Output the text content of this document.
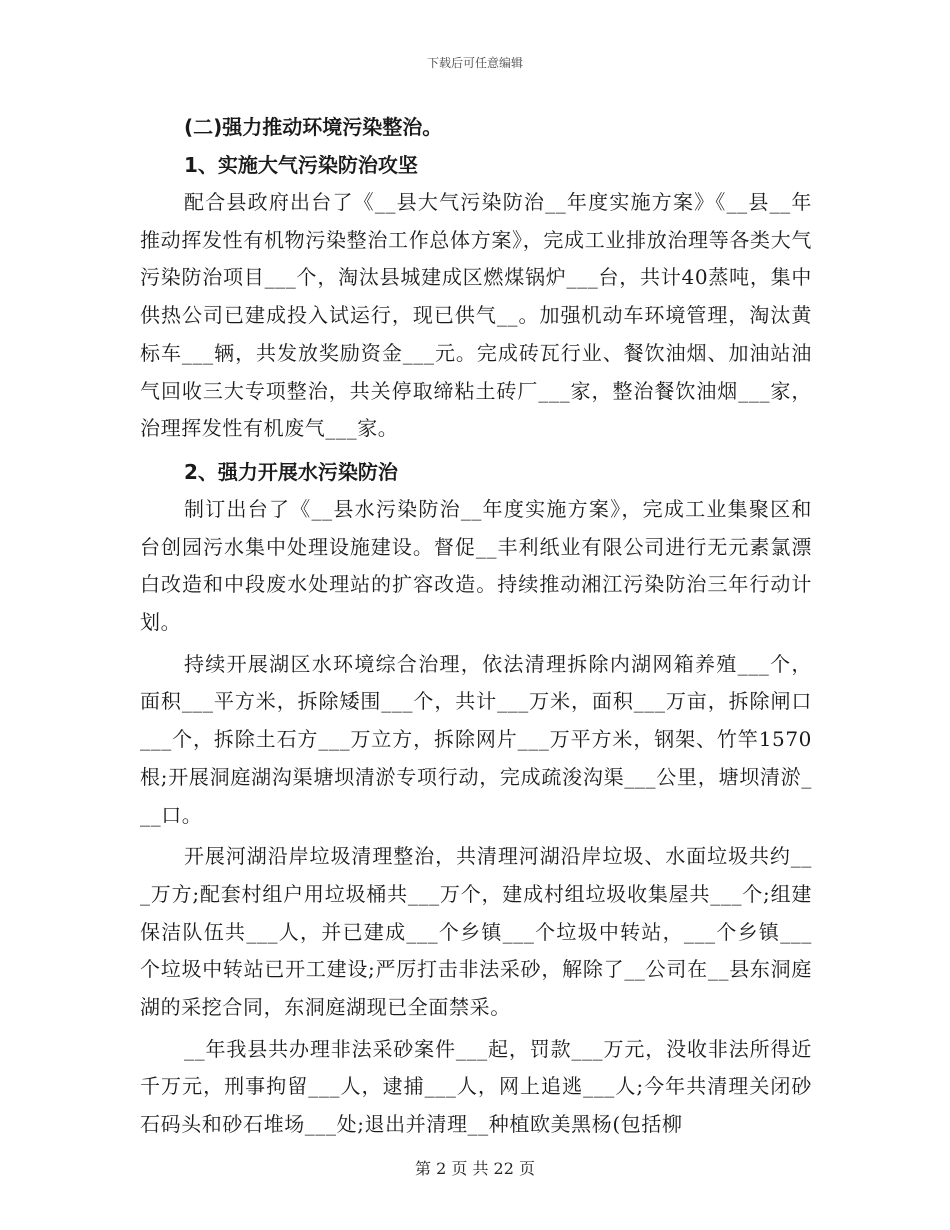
下载后可任意编辑

(二)强力推动环境污染整治。

1、实施大气污染防治攻坚

配合县政府出台了《__县大气污染防治__年度实施方案》《__县__年推动挥发性有机物污染整治工作总体方案》，完成工业排放治理等各类大气污染防治项目___个，淘汰县城建成区燃煤锅炉___台，共计40蒸吨，集中供热公司已建成投入试运行，现已供气__。加强机动车环境管理，淘汰黄标车___辆，共发放奖励资金___元。完成砖瓦行业、餐饮油烟、加油站油气回收三大专项整治，共关停取缔粘土砖厂___家，整治餐饮油烟___家，治理挥发性有机废气___家。

2、强力开展水污染防治

制订出台了《__县水污染防治__年度实施方案》，完成工业集聚区和台创园污水集中处理设施建设。督促__丰利纸业有限公司进行无元素氯漂白改造和中段废水处理站的扩容改造。持续推动湘江污染防治三年行动计划。

持续开展湖区水环境综合治理，依法清理拆除内湖网箱养殖___个，面积___平方米，拆除矮围___个，共计___万米，面积___万亩，拆除闸口___个，拆除土石方___万立方，拆除网片___万平方米，钢架、竹竿1570根;开展洞庭湖沟渠塘坝清淤专项行动，完成疏浚沟渠___公里，塘坝清淤___口。

开展河湖沿岸垃圾清理整治，共清理河湖沿岸垃圾、水面垃圾共约___万方;配套村组户用垃圾桶共___万个，建成村组垃圾收集屋共___个;组建保洁队伍共___人，并已建成___个乡镇___个垃圾中转站，___个乡镇___个垃圾中转站已开工建设;严厉打击非法采砂，解除了__公司在__县东洞庭湖的采挖合同，东洞庭湖现已全面禁采。

__年我县共办理非法采砂案件___起，罚款___万元，没收非法所得近千万元，刑事拘留___人，逮捕___人，网上追逃___人;今年共清理关闭砂石码头和砂石堆场___处;退出并清理__种植欧美黑杨(包括柳

第 2 页 共 22 页
